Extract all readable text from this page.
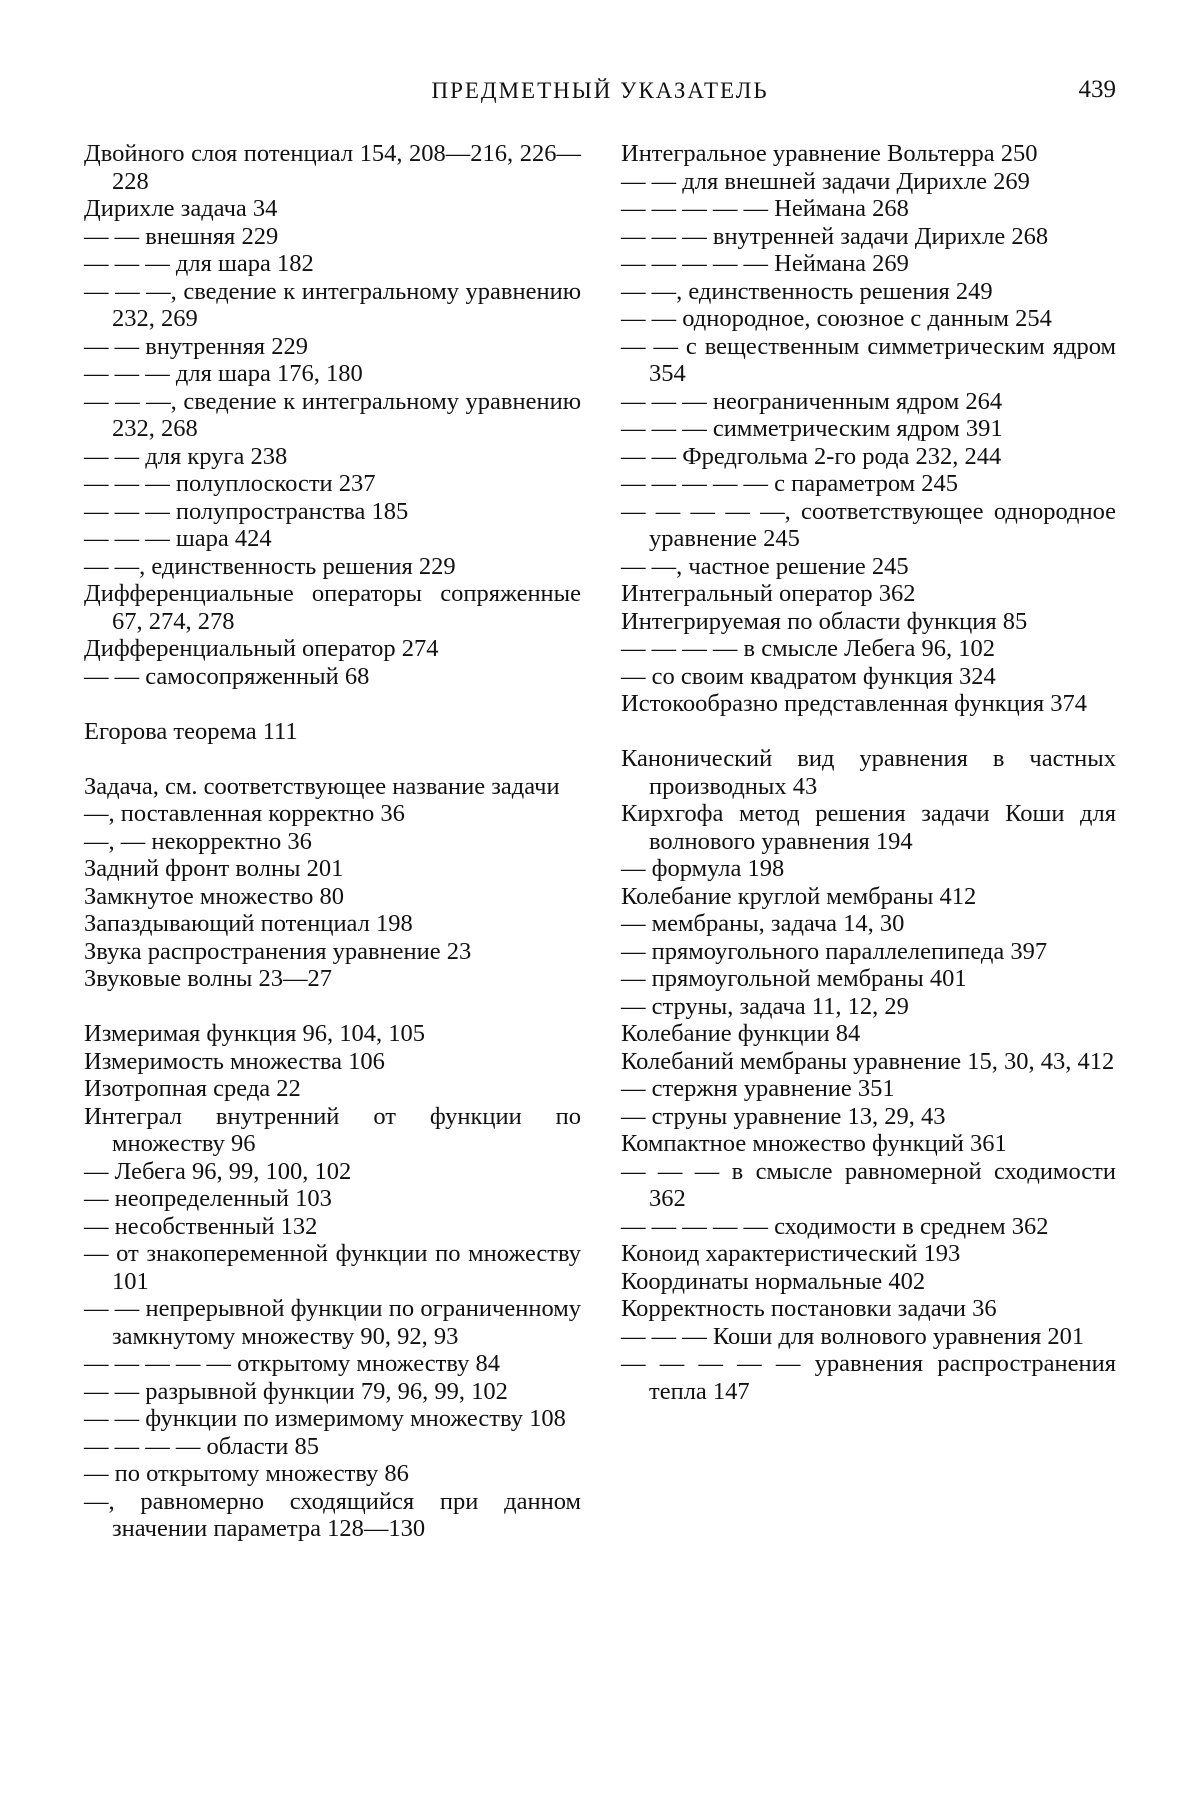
ПРЕДМЕТНЫЙ УКАЗАТЕЛЬ	439

Двойного слоя потенциал 154, 208—216, 226—228

Дирихле задача 34

— — внешняя 229

— — — для шара 182

— — —, сведение к интегральному уравнению 232, 269

— — внутренняя 229

— — — для шара 176, 180

— — —, сведение к интегральному уравнению 232, 268

— — для круга 238

— — — полуплоскости 237

— — — полупространства 185

— — — шара 424

— —, единственность решения 229

Дифференциальные операторы сопряженные 67, 274, 278

Дифференциальный оператор 274

— — самосопряженный 68

Егорова теорема 111

Задача, см. соответствующее название задачи

—, поставленная корректно 36

—, — некорректно 36

Задний фронт волны 201

Замкнутое множество 80

Запаздывающий потенциал 198

Звука распространения уравнение 23

Звуковые волны 23—27

Измеримая функция 96, 104, 105

Измеримость множества 106

Изотропная среда 22

Интеграл внутренний от функции по множеству 96

— Лебега 96, 99, 100, 102

— неопределенный 103

— несобственный 132

— от знакопеременной функции по множеству 101

— — непрерывной функции по ограниченному замкнутому множеству 90, 92, 93

— — — — — открытому множеству 84

— — разрывной функции 79, 96, 99, 102

— — функции по измеримому множеству 108

— — — — области 85

— по открытому множеству 86

—, равномерно сходящийся при данном значении параметра 128—130

Интегральное уравнение Вольтерра 250

— — для внешней задачи Дирихле 269

— — — — — Неймана 268

— — — внутренней задачи Дирихле 268

— — — — — Неймана 269

— —, единственность решения 249

— — однородное, союзное с данным 254

— — с вещественным симметрическим ядром 354

— — — неограниченным ядром 264

— — — симметрическим ядром 391

— — Фредгольма 2-го рода 232, 244

— — — — — с параметром 245

— — — — —, соответствующее однородное уравнение 245

— —, частное решение 245

Интегральный оператор 362

Интегрируемая по области функция 85

— — — — в смысле Лебега 96, 102

— со своим квадратом функция 324

Истокообразно представленная функция 374

Канонический вид уравнения в частных производных 43

Кирхгофа метод решения задачи Коши для волнового уравнения 194

— формула 198

Колебание круглой мембраны 412

— мембраны, задача 14, 30

— прямоугольного параллелепипеда 397

— прямоугольной мембраны 401

— струны, задача 11, 12, 29

Колебание функции 84

Колебаний мембраны уравнение 15, 30, 43, 412

— стержня уравнение 351

— струны уравнение 13, 29, 43

Компактное множество функций 361

— — — в смысле равномерной сходимости 362

— — — — — сходимости в среднем 362

Коноид характеристический 193

Координаты нормальные 402

Корректность постановки задачи 36

— — — Коши для волнового уравнения 201

— — — — — уравнения распространения тепла 147
